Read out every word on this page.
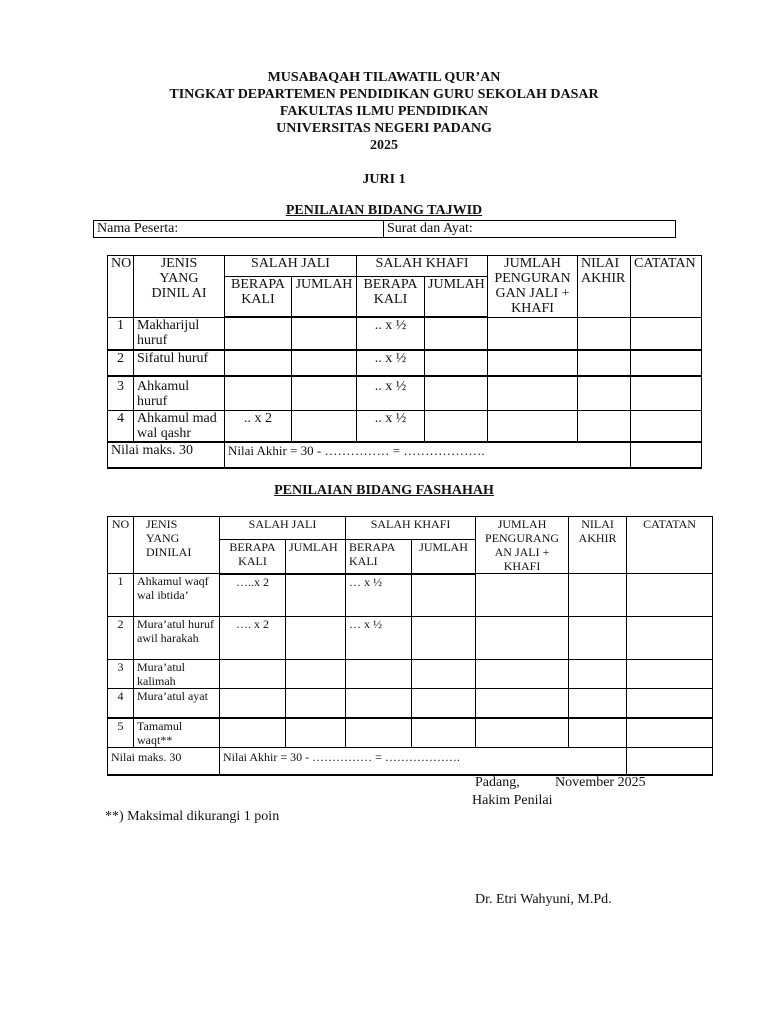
MUSABAQAH TILAWATIL QUR’AN
TINGKAT DEPARTEMEN PENDIDIKAN GURU SEKOLAH DASAR
FAKULTAS ILMU PENDIDIKAN
UNIVERSITAS NEGERI PADANG
2025
JURI 1
PENILAIAN BIDANG TAJWID
Nama Peserta:	Surat dan Ayat:
NO	JENIS YANG DINIL AI	SALAH JALI		SALAH KHAFI		JUMLAH PENGURAN GAN JALI + KHAFI	NILAI AKHIR	CATATAN
		BERAPA KALI	JUMLAH	BERAPA KALI	JUMLAH			
1	Makharijul huruf			.. x ½				
2	Sifatul huruf			.. x ½				
3	Ahkamul huruf			.. x ½				
4	Ahkamul mad wal qashr	.. x 2		.. x ½				
Nilai maks. 30		Nilai Akhir = 30 - …………… = ……………….						
PENILAIAN BIDANG FASHAHAH
NO	JENIS YANG DINILAI	SALAH JALI		SALAH KHAFI		JUMLAH PENGURANG AN JALI + KHAFI	NILAI AKHIR	CATATAN
		BERAPA KALI	JUMLAH	BERAPA KALI	JUMLAH			
1	Ahkamul waqf wal ibtida’	…..x 2		… x ½				
2	Mura’atul huruf awil harakah	…. x 2		… x ½				
3	Mura’atul kalimah							
4	Mura’atul ayat							
5	Tamamul waqt**							
Nilai maks. 30		Nilai Akhir = 30 - …………… = ……………….						
Padang,	November 2025
Hakim Penilai
**) Maksimal dikurangi 1 poin
Dr. Etri Wahyuni, M.Pd.
